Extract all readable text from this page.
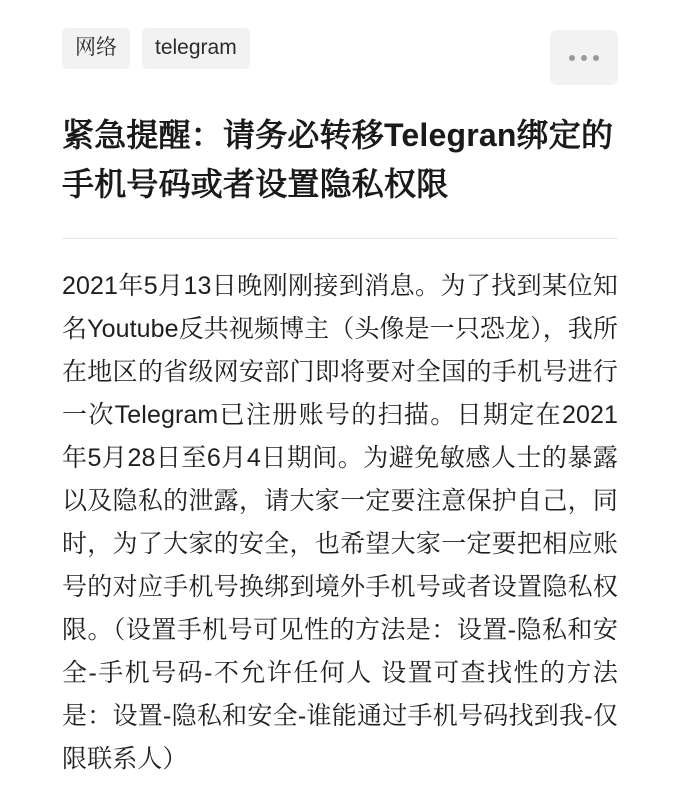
网络	telegram
紧急提醒：请务必转移Telegran绑定的手机号码或者设置隐私权限

2021年5月13日晚刚刚接到消息。为了找到某位知名Youtube反共视频博主（头像是一只恐龙），我所在地区的省级网安部门即将要对全国的手机号进行一次Telegram已注册账号的扫描。日期定在2021年5月28日至6月4日期间。为避免敏感人士的暴露以及隐私的泄露，请大家一定要注意保护自己，同时，为了大家的安全，也希望大家一定要把相应账号的对应手机号换绑到境外手机号或者设置隐私权限。（设置手机号可见性的方法是：设置-隐私和安全-手机号码-不允许任何人 设置可查找性的方法是：设置-隐私和安全-谁能通过手机号码找到我-仅限联系人）
